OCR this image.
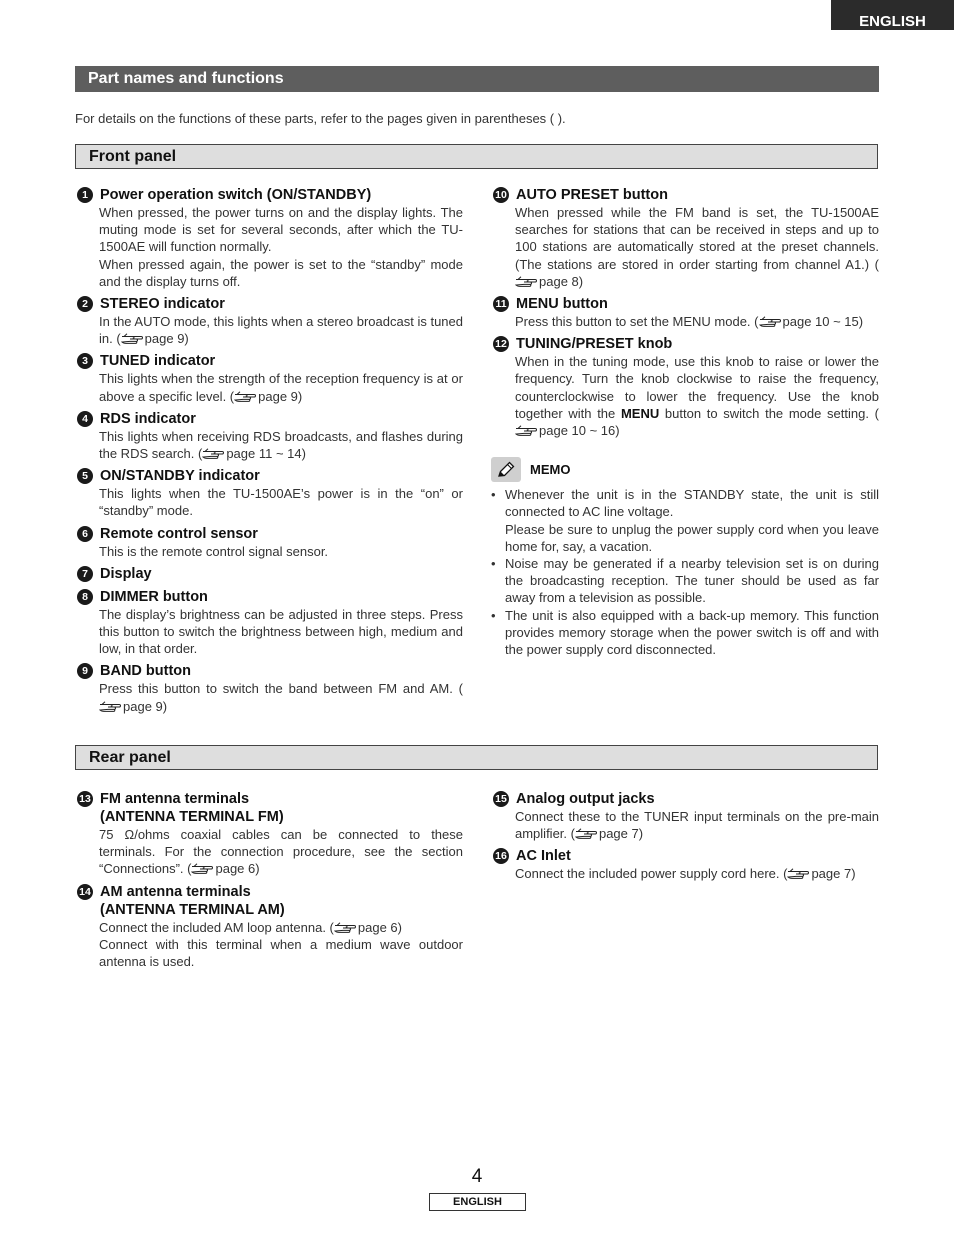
ENGLISH
Part names and functions
For details on the functions of these parts, refer to the pages given in parentheses ( ).
Front panel
1 Power operation switch (ON/STANDBY)

When pressed, the power turns on and the display lights. The muting mode is set for several seconds, after which the TU-1500AE will function normally.

When pressed again, the power is set to the “standby” mode and the display turns off.

2 STEREO indicator
In the AUTO mode, this lights when a stereo broadcast is tuned in. ( page 9)
3 TUNED indicator
This lights when the strength of the reception frequency is at or above a specific level. ( page 9)
4 RDS indicator
This lights when receiving RDS broadcasts, and flashes during the RDS search. ( page 11 ~ 14)
5 ON/STANDBY indicator
This lights when the TU-1500AE’s power is in the “on” or “standby” mode.
6 Remote control sensor
This is the remote control signal sensor.
7 Display
8 DIMMER button
The display’s brightness can be adjusted in three steps. Press this button to switch the brightness between high, medium and low, in that order.
9 BAND button
Press this button to switch the band between FM and AM. (page 9)
10 AUTO PRESET button
When pressed while the FM band is set, the TU-1500AE searches for stations that can be received in steps and up to 100 stations are automatically stored at the preset channels. (The stations are stored in order starting from channel A1.) (page 8)
11 MENU button
Press this button to set the MENU mode. ( page 10 ~ 15)
12 TUNING/PRESET knob
When in the tuning mode, use this knob to raise or lower the frequency. Turn the knob clockwise to raise the frequency, counterclockwise to lower the frequency. Use the knob together with the MENU button to switch the mode setting. (page 10 ~ 16)
MEMO

• Whenever the unit is in the STANDBY state, the unit is still connected to AC line voltage.

Please be sure to unplug the power supply cord when you leave home for, say, a vacation.

• Noise may be generated if a nearby television set is on during the broadcasting reception. The tuner should be used as far away from a television as possible.

• The unit is also equipped with a back-up memory. This function provides memory storage when the power switch is off and with the power supply cord disconnected.

Rear panel
13 FM antenna terminals
(ANTENNA TERMINAL FM)
75 Ω/ohms coaxial cables can be connected to these terminals. For the connection procedure, see the section “Connections”. ( page 6)
14 AM antenna terminals
(ANTENNA TERMINAL AM)

Connect the included AM loop antenna. ( page 6)

Connect with this terminal when a medium wave outdoor antenna is used.

15 Analog output jacks
Connect these to the TUNER input terminals on the pre-main amplifier. ( page 7)
16 AC Inlet
Connect the included power supply cord here. ( page 7)
4
ENGLISH
